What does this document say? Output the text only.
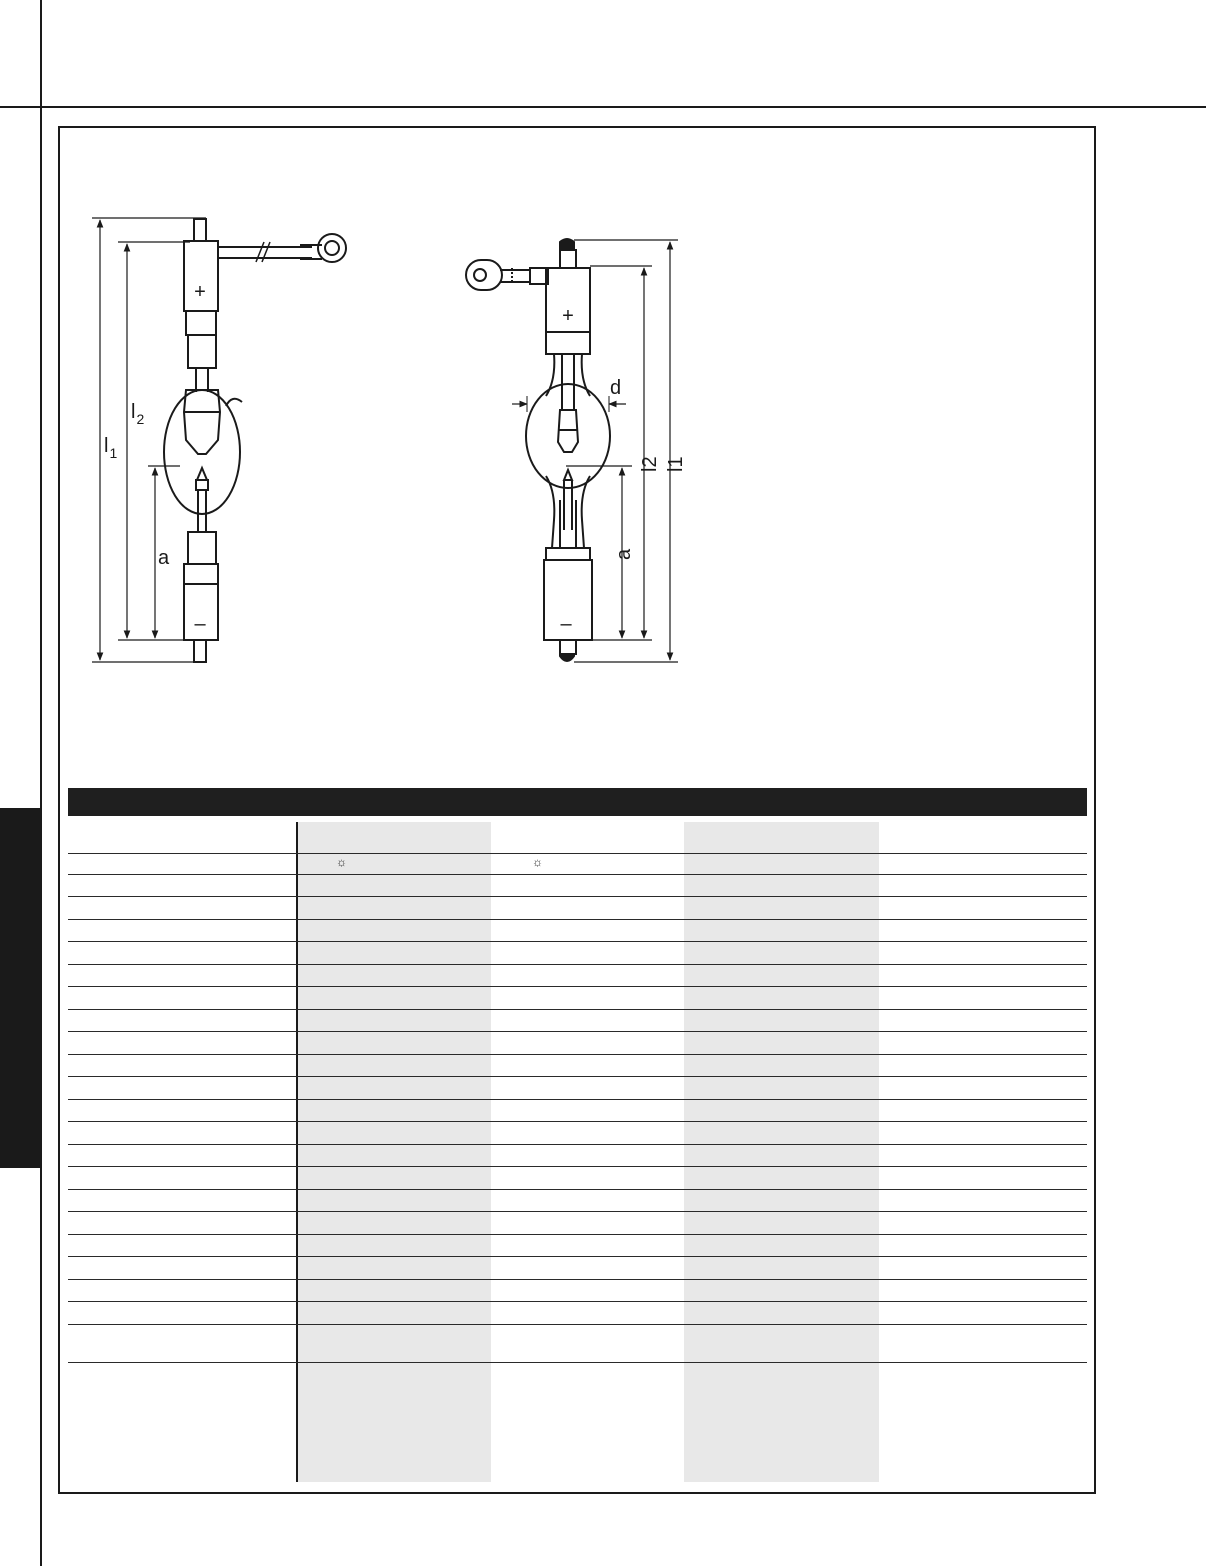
+
–
+
–
$l_1$
$l_2$
a
d
a
l2 l1
☼	☼
